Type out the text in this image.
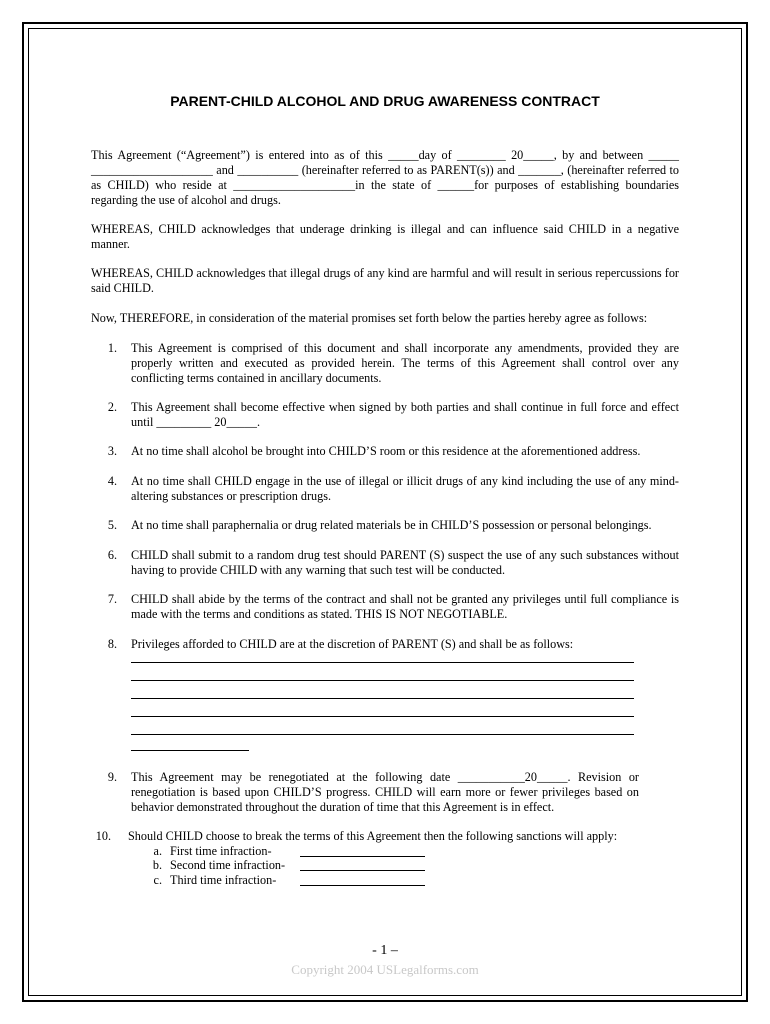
PARENT-CHILD ALCOHOL AND DRUG AWARENESS CONTRACT
This Agreement (“Agreement”) is entered into as of this _____day of ________ 20_____, by and between _____ ____________________ and __________ (hereinafter referred to as PARENT(s)) and _______, (hereinafter referred to as CHILD) who reside at ____________________in the state of ______for purposes of establishing boundaries regarding the use of alcohol and drugs.
WHEREAS, CHILD acknowledges that underage drinking is illegal and can influence said CHILD in a negative manner.
WHEREAS, CHILD acknowledges that illegal drugs of any kind are harmful and will result in serious repercussions for said CHILD.
Now, THEREFORE, in consideration of the material promises set forth below the parties hereby agree as follows:
1. This Agreement is comprised of this document and shall incorporate any amendments, provided they are properly written and executed as provided herein. The terms of this Agreement shall control over any conflicting terms contained in ancillary documents.
2. This Agreement shall become effective when signed by both parties and shall continue in full force and effect until _________ 20_____.
3. At no time shall alcohol be brought into CHILD’S room or this residence at the aforementioned address.
4. At no time shall CHILD engage in the use of illegal or illicit drugs of any kind including the use of any mind-altering substances or prescription drugs.
5. At no time shall paraphernalia or drug related materials be in CHILD’S possession or personal belongings.
6. CHILD shall submit to a random drug test should PARENT (S) suspect the use of any such substances without having to provide CHILD with any warning that such test will be conducted.
7. CHILD shall abide by the terms of the contract and shall not be granted any privileges until full compliance is made with the terms and conditions as stated. THIS IS NOT NEGOTIABLE.
8. Privileges afforded to CHILD are at the discretion of PARENT (S) and shall be as follows:
9. This Agreement may be renegotiated at the following date ___________20_____. Revision or renegotiation is based upon CHILD’S progress. CHILD will earn more or fewer privileges based on behavior demonstrated throughout the duration of time that this Agreement is in effect.
10. Should CHILD choose to break the terms of this Agreement then the following sanctions will apply:
a. First time infraction-
b. Second time infraction-
c. Third time infraction-
- 1 –
Copyright 2004 USLegalforms.com
